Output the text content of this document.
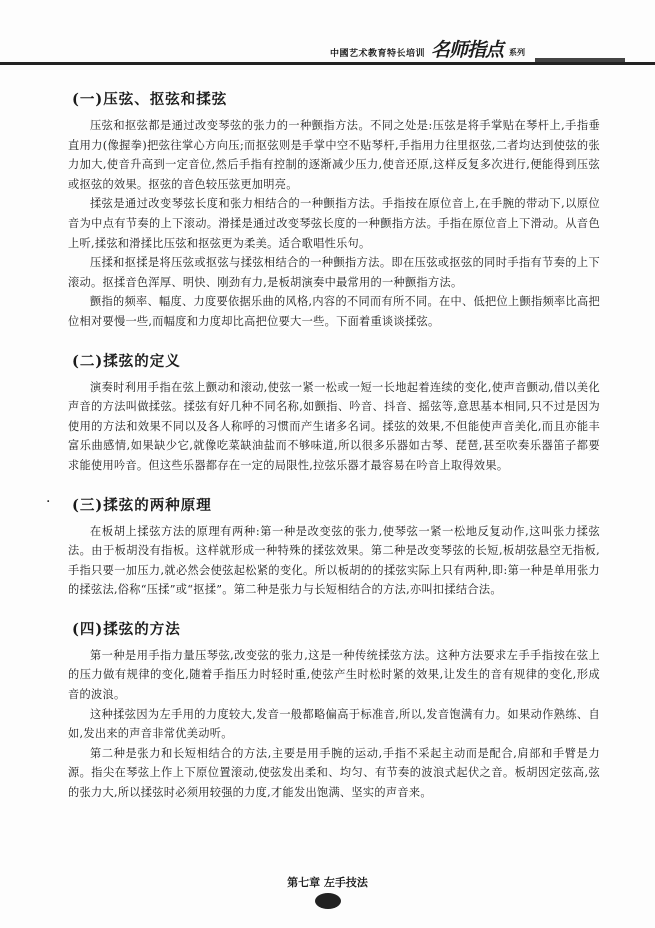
中國艺术教育特长培训 名师指点 系列
(一)压弦、抠弦和揉弦

压弦和抠弦都是通过改变琴弦的张力的一种颤指方法。不同之处是:压弦是将手掌贴在琴杆上,手指垂直用力(像握拳)把弦往掌心方向压;而抠弦则是手掌中空不贴琴杆,手指用力往里抠弦,二者均达到使弦的张力加大,使音升高到一定音位,然后手指有控制的逐渐减少压力,使音还原,这样反复多次进行,便能得到压弦或抠弦的效果。抠弦的音色较压弦更加明亮。

揉弦是通过改变琴弦长度和张力相结合的一种颤指方法。手指按在原位音上,在手腕的带动下,以原位音为中点有节奏的上下滚动。滑揉是通过改变琴弦长度的一种颤指方法。手指在原位音上下滑动。从音色上听,揉弦和滑揉比压弦和抠弦更为柔美。适合歌唱性乐句。

压揉和抠揉是将压弦或抠弦与揉弦相结合的一种颤指方法。即在压弦或抠弦的同时手指有节奏的上下滚动。抠揉音色浑厚、明快、刚劲有力,是板胡演奏中最常用的一种颤指方法。

颤指的频率、幅度、力度要依据乐曲的风格,内容的不同而有所不同。在中、低把位上颤指频率比高把位相对要慢一些,而幅度和力度却比高把位要大一些。下面着重谈谈揉弦。

(二)揉弦的定义

演奏时利用手指在弦上颤动和滚动,使弦一紧一松或一短一长地起着连续的变化,使声音颤动,借以美化声音的方法叫做揉弦。揉弦有好几种不同名称,如颤指、吟音、抖音、摇弦等,意思基本相同,只不过是因为使用的方法和效果不同以及各人称呼的习惯而产生诸多名词。揉弦的效果,不但能使声音美化,而且亦能丰富乐曲感情,如果缺少它,就像吃菜缺油盐而不够味道,所以很多乐器如古琴、琵琶,甚至吹奏乐器笛子都要求能使用吟音。但这些乐器都存在一定的局限性,拉弦乐器才最容易在吟音上取得效果。

· (三)揉弦的两种原理

在板胡上揉弦方法的原理有两种:第一种是改变弦的张力,使琴弦一紧一松地反复动作,这叫张力揉弦法。由于板胡没有指板。这样就形成一种特殊的揉弦效果。第二种是改变琴弦的长短,板胡弦悬空无指板,手指只要一加压力,就必然会使弦起松紧的变化。所以板胡的的揉弦实际上只有两种,即:第一种是单用张力的揉弦法,俗称“压揉”或“抠揉”。第二种是张力与长短相结合的方法,亦叫扣揉结合法。

(四)揉弦的方法

第一种是用手指力量压琴弦,改变弦的张力,这是一种传统揉弦方法。这种方法要求左手手指按在弦上的压力做有规律的变化,随着手指压力时轻时重,使弦产生时松时紧的效果,让发生的音有规律的变化,形成音的波浪。

这种揉弦因为左手用的力度较大,发音一般都略偏高于标准音,所以,发音饱满有力。如果动作熟练、自如,发出来的声音非常优美动听。

第二种是张力和长短相结合的方法,主要是用手腕的运动,手指不采起主动而是配合,肩部和手臂是力源。指尖在琴弦上作上下原位置滚动,使弦发出柔和、均匀、有节奏的波浪式起伏之音。板胡因定弦高,弦的张力大,所以揉弦时必须用较强的力度,才能发出饱满、坚实的声音来。

第七章 左手技法
